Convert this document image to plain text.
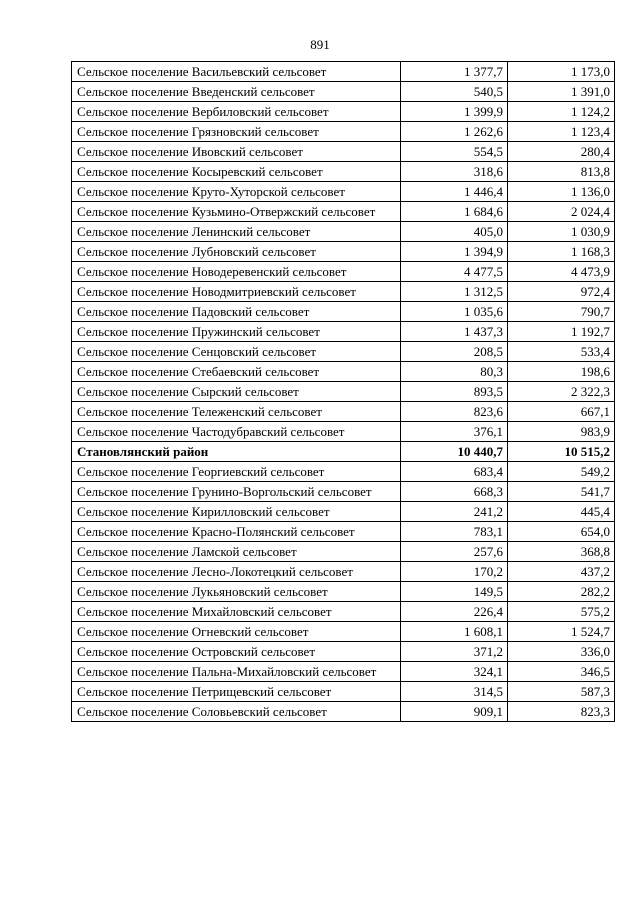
891
Сельское поселение Васильевский сельсовет	1 377,7	1 173,0
Сельское поселение Введенский сельсовет	540,5	1 391,0
Сельское поселение Вербиловский сельсовет	1 399,9	1 124,2
Сельское поселение Грязновский сельсовет	1 262,6	1 123,4
Сельское поселение Ивовский сельсовет	554,5	280,4
Сельское поселение Косыревский сельсовет	318,6	813,8
Сельское поселение Круто-Хуторской сельсовет	1 446,4	1 136,0
Сельское поселение Кузьмино-Отвержский сельсовет	1 684,6	2 024,4
Сельское поселение Ленинский сельсовет	405,0	1 030,9
Сельское поселение Лубновский сельсовет	1 394,9	1 168,3
Сельское поселение Новодеревенский сельсовет	4 477,5	4 473,9
Сельское поселение Новодмитриевский сельсовет	1 312,5	972,4
Сельское поселение Падовский сельсовет	1 035,6	790,7
Сельское поселение Пружинский сельсовет	1 437,3	1 192,7
Сельское поселение Сенцовский сельсовет	208,5	533,4
Сельское поселение Стебаевский сельсовет	80,3	198,6
Сельское поселение Сырский сельсовет	893,5	2 322,3
Сельское поселение Тележенский сельсовет	823,6	667,1
Сельское поселение Частодубравский сельсовет	376,1	983,9
Становлянский район	10 440,7	10 515,2
Сельское поселение Георгиевский сельсовет	683,4	549,2
Сельское поселение Грунино-Воргольский сельсовет	668,3	541,7
Сельское поселение Кирилловский сельсовет	241,2	445,4
Сельское поселение Красно-Полянский сельсовет	783,1	654,0
Сельское поселение Ламской сельсовет	257,6	368,8
Сельское поселение Лесно-Локотецкий сельсовет	170,2	437,2
Сельское поселение Лукьяновский сельсовет	149,5	282,2
Сельское поселение Михайловский сельсовет	226,4	575,2
Сельское поселение Огневский сельсовет	1 608,1	1 524,7
Сельское поселение Островский сельсовет	371,2	336,0
Сельское поселение Пальна-Михайловский сельсовет	324,1	346,5
Сельское поселение Петрищевский сельсовет	314,5	587,3
Сельское поселение Соловьевский сельсовет	909,1	823,3
